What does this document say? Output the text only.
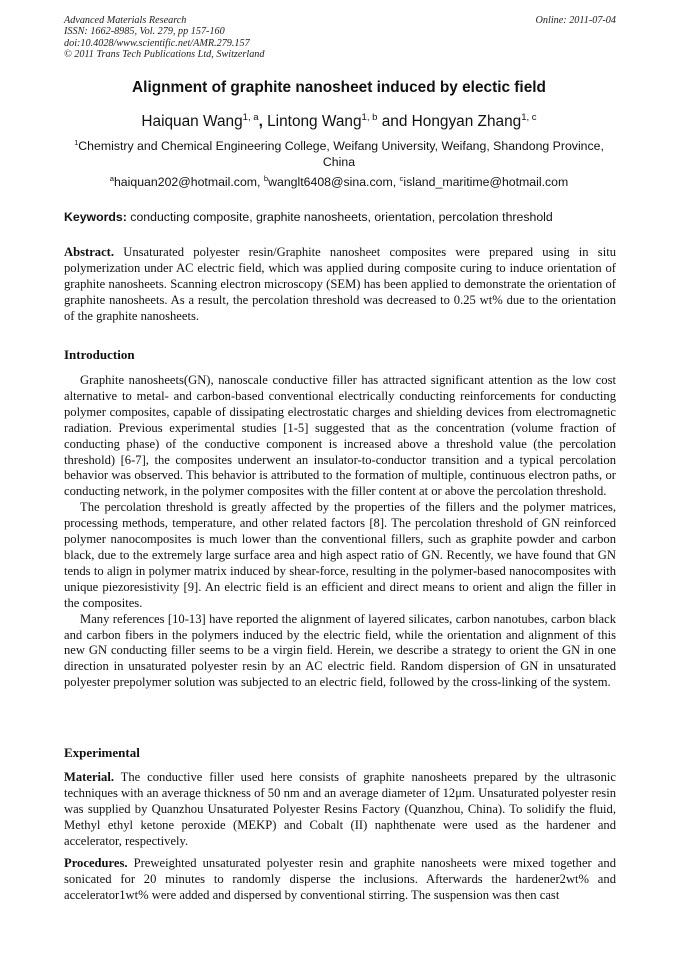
Advanced Materials Research
ISSN: 1662-8985, Vol. 279, pp 157-160
doi:10.4028/www.scientific.net/AMR.279.157
© 2011 Trans Tech Publications Ltd, Switzerland
Online: 2011-07-04
Alignment of graphite nanosheet induced by electic field
Haiquan Wang$^{1, a}$, Lintong Wang$^{1, b}$ and Hongyan Zhang$^{1, c}$
$^1$Chemistry and Chemical Engineering College, Weifang University, Weifang, Shandong Province, China
$^a$haiquan202@hotmail.com, $^b$wanglt6408@sina.com, $^c$island_maritime@hotmail.com
Keywords: conducting composite, graphite nanosheets, orientation, percolation threshold
Abstract. Unsaturated polyester resin/Graphite nanosheet composites were prepared using in situ polymerization under AC electric field, which was applied during composite curing to induce orientation of graphite nanosheets. Scanning electron microscopy (SEM) has been applied to demonstrate the orientation of graphite nanosheets. As a result, the percolation threshold was decreased to 0.25 wt% due to the orientation of the graphite nanosheets.
Introduction

Graphite nanosheets(GN), nanoscale conductive filler has attracted significant attention as the low cost alternative to metal- and carbon-based conventional electrically conducting reinforcements for conducting polymer composites, capable of dissipating electrostatic charges and shielding devices from electromagnetic radiation. Previous experimental studies [1-5] suggested that as the concentration (volume fraction of conducting phase) of the conductive component is increased above a threshold value (the percolation threshold) [6-7], the composites underwent an insulator-to-conductor transition and a typical percolation behavior was observed. This behavior is attributed to the formation of multiple, continuous electron paths, or conducting network, in the polymer composites with the filler content at or above the percolation threshold.

The percolation threshold is greatly affected by the properties of the fillers and the polymer matrices, processing methods, temperature, and other related factors [8]. The percolation threshold of GN reinforced polymer nanocomposites is much lower than the conventional fillers, such as graphite powder and carbon black, due to the extremely large surface area and high aspect ratio of GN. Recently, we have found that GN tends to align in polymer matrix induced by shear-force, resulting in the polymer-based nanocomposites with unique piezoresistivity [9]. An electric field is an efficient and direct means to orient and align the filler in the composites.

Many references [10-13] have reported the alignment of layered silicates, carbon nanotubes, carbon black and carbon fibers in the polymers induced by the electric field, while the orientation and alignment of this new GN conducting filler seems to be a virgin field. Herein, we describe a strategy to orient the GN in one direction in unsaturated polyester resin by an AC electric field. Random dispersion of GN in unsaturated polyester prepolymer solution was subjected to an electric field, followed by the cross-linking of the system.

Experimental
Material. The conductive filler used here consists of graphite nanosheets prepared by the ultrasonic techniques with an average thickness of 50 nm and an average diameter of 12μm. Unsaturated polyester resin was supplied by Quanzhou Unsaturated Polyester Resins Factory (Quanzhou, China). To solidify the fluid, Methyl ethyl ketone peroxide (MEKP) and Cobalt (II) naphthenate were used as the hardener and accelerator, respectively.
Procedures. Preweighted unsaturated polyester resin and graphite nanosheets were mixed together and sonicated for 20 minutes to randomly disperse the inclusions. Afterwards the hardener2wt% and accelerator1wt% were added and dispersed by conventional stirring. The suspension was then cast
